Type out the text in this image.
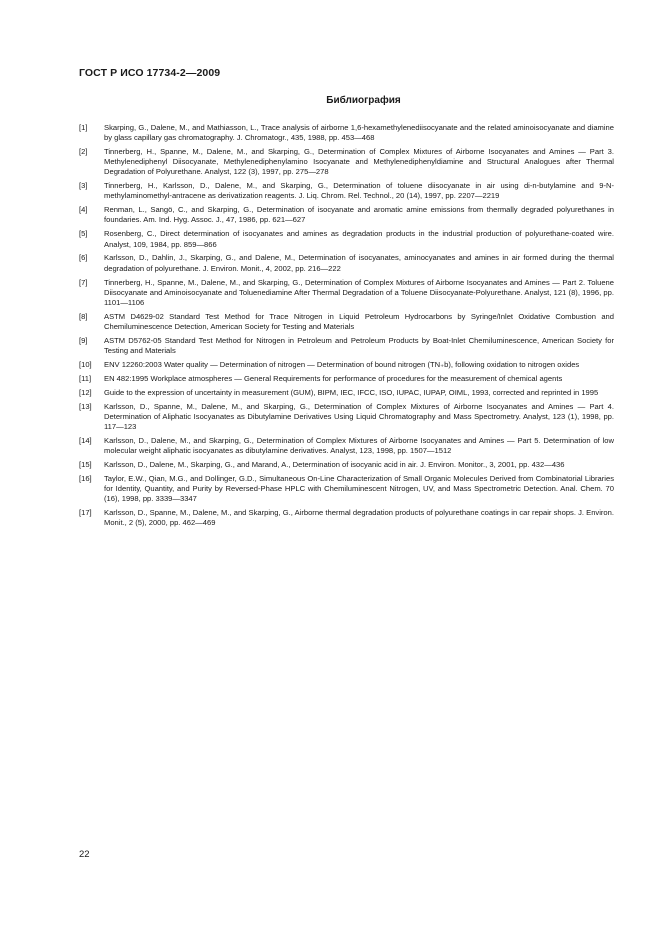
ГОСТ Р ИСО 17734-2—2009
Библиография
[1]	Skarping, G., Dalene, M., and Mathiasson, L., Trace analysis of airborne 1,6-hexamethylenediisocyanate and the related aminoisocyanate and diamine by glass capillary gas chromatography. J. Chromatogr., 435, 1988, pp. 453—468
[2]	Tinnerberg, H., Spanne, M., Dalene, M., and Skarping, G., Determination of Complex Mixtures of Airborne Isocyanates and Amines — Part 3. Methylenediphenyl Diisocyanate, Methylenediphenylamino Isocyanate and Methylenediphenyldiamine and Structural Analogues after Thermal Degradation of Polyurethane. Analyst, 122 (3), 1997, pp. 275—278
[3]	Tinnerberg, H., Karlsson, D., Dalene, M., and Skarping, G., Determination of toluene diisocyanate in air using di-n-butylamine and 9-N-methylaminomethyl-antracene as derivatization reagents. J. Liq. Chrom. Rel. Technol., 20 (14), 1997, pp. 2207—2219
[4]	Renman, L., Sangö, C., and Skarping, G., Determination of isocyanate and aromatic amine emissions from thermally degraded polyurethanes in foundaries. Am. Ind. Hyg. Assoc. J., 47, 1986, pp. 621—627
[5]	Rosenberg, C., Direct determination of isocyanates and amines as degradation products in the industrial production of polyurethane-coated wire. Analyst, 109, 1984, pp. 859—866
[6]	Karlsson, D., Dahlin, J., Skarping, G., and Dalene, M., Determination of isocyanates, aminocyanates and amines in air formed during the thermal degradation of polyurethane. J. Environ. Monit., 4, 2002, pp. 216—222
[7]	Tinnerberg, H., Spanne, M., Dalene, M., and Skarping, G., Determination of Complex Mixtures of Airborne Isocyanates and Amines — Part 2. Toluene Diisocyanate and Aminoisocyanate and Toluenediamine After Thermal Degradation of a Toluene Diisocyanate-Polyurethane. Analyst, 121 (8), 1996, pp. 1101—1106
[8]	ASTM D4629-02 Standard Test Method for Trace Nitrogen in Liquid Petroleum Hydrocarbons by Syringe/Inlet Oxidative Combustion and Chemiluminescence Detection, American Society for Testing and Materials
[9]	ASTM D5762-05 Standard Test Method for Nitrogen in Petroleum and Petroleum Products by Boat-Inlet Chemiluminescence, American Society for Testing and Materials
[10]	ENV 12260:2003 Water quality — Determination of nitrogen — Determination of bound nitrogen (TN₊b), following oxidation to nitrogen oxides
[11]	EN 482:1995 Workplace atmospheres — General Requirements for performance of procedures for the measurement of chemical agents
[12]	Guide to the expression of uncertainty in measurement (GUM), BIPM, IEC, IFCC, ISO, IUPAC, IUPAP, OIML, 1993, corrected and reprinted in 1995
[13]	Karlsson, D., Spanne, M., Dalene, M., and Skarping, G., Determination of Complex Mixtures of Airborne Isocyanates and Amines — Part 4. Determination of Aliphatic Isocyanates as Dibutylamine Derivatives Using Liquid Chromatography and Mass Spectrometry. Analyst, 123 (1), 1998, pp. 117—123
[14]	Karlsson, D., Dalene, M., and Skarping, G., Determination of Complex Mixtures of Airborne Isocyanates and Amines — Part 5. Determination of low molecular weight aliphatic isocyanates as dibutylamine derivatives. Analyst, 123, 1998, pp. 1507—1512
[15]	Karlsson, D., Dalene, M., Skarping, G., and Marand, A., Determination of isocyanic acid in air. J. Environ. Monitor., 3, 2001, pp. 432—436
[16]	Taylor, E.W., Qian, M.G., and Dollinger, G.D., Simultaneous On-Line Characterization of Small Organic Molecules Derived from Combinatorial Libraries for Identity, Quantity, and Purity by Reversed-Phase HPLC with Chemiluminescent Nitrogen, UV, and Mass Spectrometric Detection. Anal. Chem. 70 (16), 1998, pp. 3339—3347
[17]	Karlsson, D., Spanne, M., Dalene, M., and Skarping, G., Airborne thermal degradation products of polyurethane coatings in car repair shops. J. Environ. Monit., 2 (5), 2000, pp. 462—469
22
